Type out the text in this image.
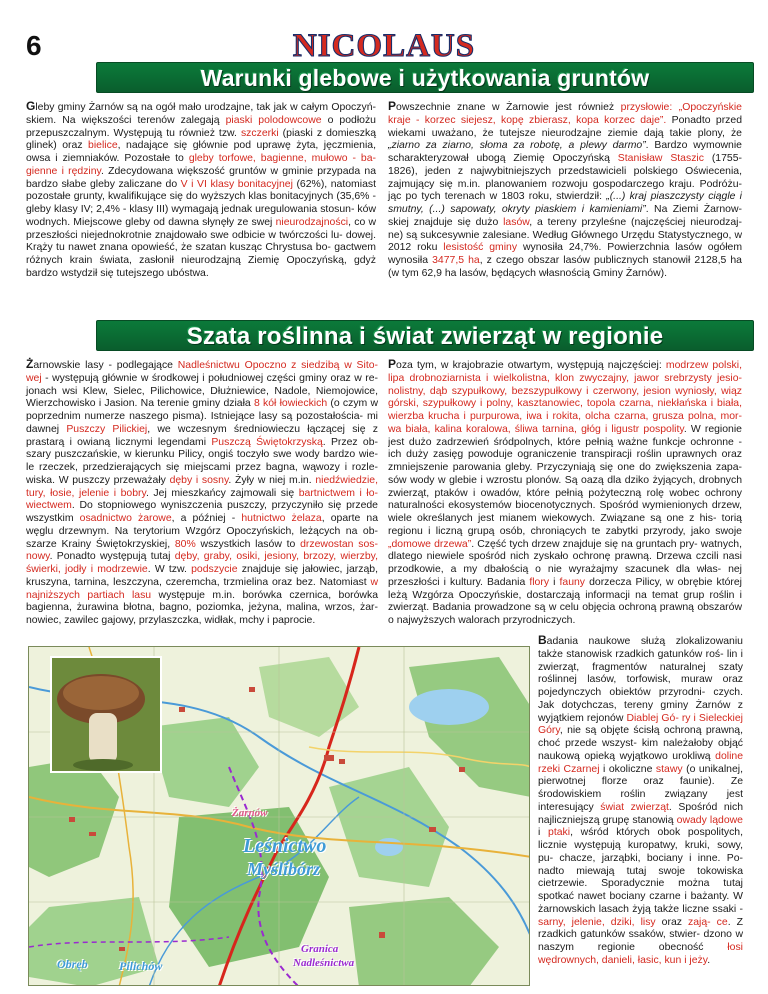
6	NICOLAUS
Warunki glebowe i użytkowania gruntów

Gleby gminy Żarnów są na ogół mało urodzajne, tak jak w całym Opoczyń- skiem. Na większości terenów zalegają piaski polodowcowe o podłożu przepuszczalnym. Występują tu również tzw. szczerki (piaski z domieszką glinek) oraz bielice, nadające się głównie pod uprawę żyta, jęczmienia, owsa i ziemniaków. Pozostałe to gleby torfowe, bagienne, mułowo - ba- gienne i rędziny. Zdecydowana większość gruntów w gminie przypada na bardzo słabe gleby zaliczane do V i VI klasy bonitacyjnej (62%), natomiast pozostałe grunty, kwalifikujące się do wyższych klas bonitacyjnych (35,6% - gleby klasy IV; 2,4% - klasy III) wymagają jednak uregulowania stosun- ków wodnych. Miejscowe gleby od dawna słynęły ze swej nieurodzajności, co w przeszłości niejednokrotnie znajdowało swe odbicie w twórczości lu- dowej. Krąży tu nawet znana opowieść, że szatan kusząc Chrystusa bo- gactwem różnych krain świata, zasłonił nieurodzajną Ziemię Opoczyńską, gdyż bardzo wstydził się tutejszego ubóstwa.

Powszechnie znane w Żarnowie jest również przysłowie: „Opoczyńskie kraje - korzec siejesz, kopę zbierasz, kopa korzec daje”. Ponadto przed wiekami uważano, że tutejsze nieurodzajne ziemie dają takie plony, że „ziarno za ziarno, słoma za robotę, a plewy darmo”. Bardzo wymownie scharakteryzował ubogą Ziemię Opoczyńską Stanisław Staszic (1755- 1826), jeden z najwybitniejszych przedstawicieli polskiego Oświecenia, zajmujący się m.in. planowaniem rozwoju gospodarczego kraju. Podróżu- jąc po tych terenach w 1803 roku, stwierdził: „(...) kraj piaszczysty ciągle i smutny, (...) sapowaty, okryty piaskiem i kamieniami”. Na Ziemi Żarnow- skiej znajduje się dużo lasów, a tereny przyleśne (najczęściej nieurodzaj- ne) są sukcesywnie zalesiane. Według Głównego Urzędu Statystycznego, w 2012 roku lesistość gminy wynosiła 24,7%. Powierzchnia lasów ogółem wynosiła 3477,5 ha, z czego obszar lasów publicznych stanowił 2128,5 ha (w tym 62,9 ha lasów, będących własnością Gminy Żarnów).

Szata roślinna i świat zwierząt w regionie

Żarnowskie lasy - podlegające Nadleśnictwu Opoczno z siedzibą w Sito- wej - występują głównie w środkowej i południowej części gminy oraz w re- jonach wsi Klew, Sielec, Pilichowice, Dłużniewice, Nadole, Niemojowice, Wierzchowisko i Jasion. Na terenie gminy działa 8 kół łowieckich (o czym w poprzednim numerze naszego pisma). Istniejące lasy są pozostałościa- mi dawnej Puszczy Pilickiej, we wczesnym średniowieczu łączącej się z prastarą i owianą licznymi legendami Puszczą Świętokrzyską. Przez ob- szary puszczańskie, w kierunku Pilicy, ongiś toczyło swe wody bardzo wie- le rzeczek, przedzierających się miejscami przez bagna, wąwozy i rozle- wiska. W puszczy przeważały dęby i sosny. Żyły w niej m.in. niedźwiedzie, tury, łosie, jelenie i bobry. Jej mieszkańcy zajmowali się bartnictwem i ło- wiectwem. Do stopniowego wyniszczenia puszczy, przyczyniło się przede wszystkim osadnictwo żarowe, a później - hutnictwo żelaza, oparte na węglu drzewnym. Na terytorium Wzgórz Opoczyńskich, leżących na ob- szarze Krainy Świętokrzyskiej, 80% wszystkich lasów to drzewostan sos- nowy. Ponadto występują tutaj dęby, graby, osiki, jesiony, brzozy, wierzby, świerki, jodły i modrzewie. W tzw. podszycie znajduje się jałowiec, jarząb, kruszyna, tarnina, leszczyna, czeremcha, trzmielina oraz bez. Natomiast w najniższych partiach lasu występuje m.in. borówka czernica, borówka bagienna, żurawina błotna, bagno, poziomka, jeżyna, malina, wrzos, żar- nowiec, zawilec gajowy, przylaszczka, widłak, mchy i paprocie.

Poza tym, w krajobrazie otwartym, występują najczęściej: modrzew polski, lipa drobnoziarnista i wielkolistna, klon zwyczajny, jawor srebrzysty jesio- nolistny, dąb szypułkowy, bezszypułkowy i czerwony, jesion wyniosły, wiąz górski, szypułkowy i polny, kasztanowiec, topola czarna, niekłańska i biała, wierzba krucha i purpurowa, iwa i rokita, olcha czarna, grusza polna, mor- wa biała, kalina koralowa, śliwa tarnina, głóg i ligustr pospolity. W regionie jest dużo zadrzewień śródpolnych, które pełnią ważne funkcje ochronne - ich duży zasięg powoduje ograniczenie transpiracji roślin uprawnych oraz zmniejszenie parowania gleby. Przyczyniają się one do zwiększenia zapa- sów wody w glebie i wzrostu plonów. Są oazą dla dziko żyjących, drobnych zwierząt, ptaków i owadów, które pełnią pożyteczną rolę wobec ochrony naturalności ekosystemów biocenotycznych. Spośród wymienionych drzew, wiele określanych jest mianem wiekowych. Związane są one z his- torią regionu i liczną grupą osób, chroniących te zabytki przyrody, jako swoje „domowe drzewa”. Część tych drzew znajduje się na gruntach pry- watnych, dlatego niewiele spośród nich zyskało ochronę prawną. Drzewa czcili nasi przodkowie, a my dbałością o nie wyrażajmy szacunek dla włas- nej przeszłości i kultury. Badania flory i fauny dorzecza Pilicy, w obrębie której leżą Wzgórza Opoczyńskie, dostarczają informacji na temat grup roślin i zwierząt. Badania prowadzone są w celu objęcia ochroną prawną obszarów o najwyższych walorach przyrodniczych.

Badania naukowe służą zlokalizowaniu także stanowisk rzadkich gatunków roś- lin i zwierząt, fragmentów naturalnej szaty roślinnej lasów, torfowisk, muraw oraz pojedynczych obiektów przyrodni- czych. Jak dotychczas, tereny gminy Żarnów z wyjątkiem rejonów Diablej Gó- ry i Sieleckiej Góry, nie są objęte ścisłą ochroną prawną, choć przede wszyst- kim należałoby objąć naukową opieką wyjątkowo urokliwą doline rzeki Czarnej i okoliczne stawy (o unikalnej, pierwotnej florze oraz faunie). Ze środowiskiem roślin związany jest interesujący świat zwierząt. Spośród nich najliczniejszą grupę stanowią owady lądowe i ptaki, wśród których obok pospolitych, licznie występują kuropatwy, kruki, sowy, pu- chacze, jarząbki, bociany i inne. Po- nadto miewają tutaj swoje tokowiska cietrzewie. Sporadycznie można tutaj spotkać nawet bociany czarne i bażanty. W żarnowskich lasach żyją także liczne ssaki - sarny, jelenie, dziki, lisy oraz zają- ce. Z rzadkich gatunków ssaków, stwier- dzono w naszym regionie obecność łosi wędrownych, danieli, łasic, kun i jeży.

Żarnów
Leśnictwo
Myślibórz
Obręb	Pilichów
Granica
Nadleśnictwa
